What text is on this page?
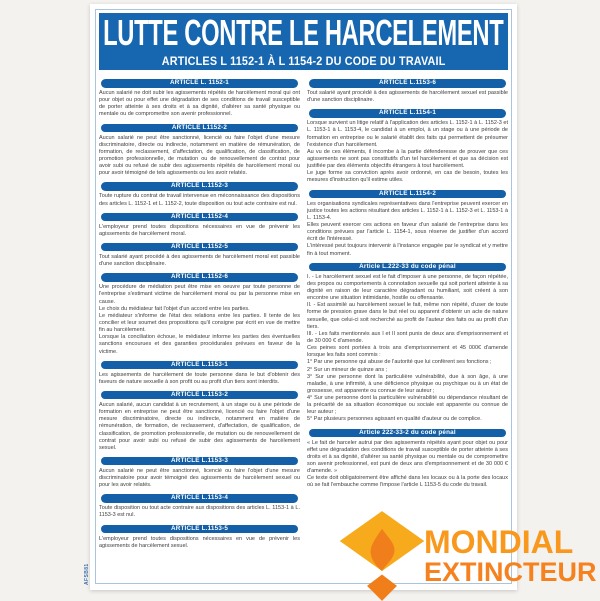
LUTTE CONTRE LE HARCELEMENT
ARTICLES L 1152-1 À L 1154-2 DU CODE DU TRAVAIL
ARTICLE L. 1152-1

Aucun salarié ne doit subir les agissements répétés de harcèlement moral qui ont pour objet ou pour effet une dégradation de ses conditions de travail susceptible de porter atteinte à ses droits et à sa dignité, d'altérer sa santé physique ou mentale ou de compromettre son avenir professionnel.

ARTICLE L1152-2

Aucun salarié ne peut être sanctionné, licencié ou faire l'objet d'une mesure discriminatoire, directe ou indirecte, notamment en matière de rémunération, de formation, de reclassement, d'affectation, de qualification, de classification, de promotion professionnelle, de mutation ou de renouvellement de contrat pour avoir subi ou refusé de subir des agissements répétés de harcèlement moral ou pour avoir témoigné de tels agissements ou les avoir relatés.

ARTICLE L.1152-3

Toute rupture du contrat de travail intervenue en méconnaissance des dispositions des articles L. 1152-1 et L. 1152-2, toute disposition ou tout acte contraire est nul.

ARTICLE L.1152-4

L'employeur prend toutes dispositions nécessaires en vue de prévenir les agissements de harcèlement moral.

ARTICLE L.1152-5

Tout salarié ayant procédé à des agissements de harcèlement moral est passible d'une sanction disciplinaire.

ARTICLE L.1152-6

Une procédure de médiation peut être mise en oeuvre par toute personne de l'entreprise s'estimant victime de harcèlement moral ou par la personne mise en cause.

Le choix du médiateur fait l'objet d'un accord entre les parties.

Le médiateur s'informe de l'état des relations entre les parties. Il tente de les concilier et leur soumet des propositions qu'il consigne par écrit en vue de mettre fin au harcèlement.

Lorsque la conciliation échoue, le médiateur informe les parties des éventuelles sanctions encourues et des garanties procédurales prévues en faveur de la victime.

ARTICLE L.1153-1

Les agissements de harcèlement de toute personne dans le but d'obtenir des faveurs de nature sexuelle à son profit ou au profit d'un tiers sont interdits.

ARTICLE L.1153-2

Aucun salarié, aucun candidat à un recrutement, à un stage ou à une période de formation en entreprise ne peut être sanctionné, licencié ou faire l'objet d'une mesure discriminatoire, directe ou indirecte, notamment en matière de rémunération, de formation, de reclassement, d'affectation, de qualification, de classification, de promotion professionnelle, de mutation ou de renouvellement de contrat pour avoir subi ou refusé de subir des agissements de harcèlement sexuel.

ARTICLE L.1153-3

Aucun salarié ne peut être sanctionné, licencié ou faire l'objet d'une mesure discriminatoire pour avoir témoigné des agissements de harcèlement sexuel ou pour les avoir relatés.

ARTICLE L.1153-4

Toute disposition ou tout acte contraire aux dispositions des articles L. 1153-1 à L. 1153-3 est nul.

ARTICLE L.1153-5

L'employeur prend toutes dispositions nécessaires en vue de prévenir les agissements de harcèlement sexuel.

ARTICLE L.1153-6

Tout salarié ayant procédé à des agissements de harcèlement sexuel est passible d'une sanction disciplinaire.

ARTICLE L.1154-1

Lorsque survient un litige relatif à l'application des articles L. 1152-1 à L. 1152-3 et L. 1153-1 à L. 1153-4, le candidat à un emploi, à un stage ou à une période de formation en entreprise ou le salarié établit des faits qui permettent de présumer l'existence d'un harcèlement.

Au vu de ces éléments, il incombe à la partie défenderesse de prouver que ces agissements ne sont pas constitutifs d'un tel harcèlement et que sa décision est justifiée par des éléments objectifs étrangers à tout harcèlement.

Le juge forme sa conviction après avoir ordonné, en cas de besoin, toutes les mesures d'instruction qu'il estime utiles.

ARTICLE L.1154-2

Les organisations syndicales représentatives dans l'entreprise peuvent exercer en justice toutes les actions résultant des articles L. 1152-1 à L. 1152-3 et L. 1153-1 à L. 1153-4.

Elles peuvent exercer ces actions en faveur d'un salarié de l'entreprise dans les conditions prévues par l'article L. 1154-1, sous réserve de justifier d'un accord écrit de l'intéressé.

L'intéressé peut toujours intervenir à l'instance engagée par le syndicat et y mettre fin à tout moment.

Article L.222-33 du code pénal

I. - Le harcèlement sexuel est le fait d'imposer à une personne, de façon répétée, des propos ou comportements à connotation sexuelle qui soit portent atteinte à sa dignité en raison de leur caractère dégradant ou humiliant, soit créent à son encontre une situation intimidante, hostile ou offensante.

II. - Est assimilé au harcèlement sexuel le fait, même non répété, d'user de toute forme de pression grave dans le but réel ou apparent d'obtenir un acte de nature sexuelle, que celui-ci soit recherché au profit de l'auteur des faits ou au profit d'un tiers.

III. - Les faits mentionnés aux I et II sont punis de deux ans d'emprisonnement et de 30 000 € d'amende.

Ces peines sont portées à trois ans d'emprisonnement et 45 000€ d'amende lorsque les faits sont commis :

1° Par une personne qui abuse de l'autorité que lui confèrent ses fonctions ;

2° Sur un mineur de quinze ans ;

3° Sur une personne dont la particulière vulnérabilité, due à son âge, à une maladie, à une infirmité, à une déficience physique ou psychique ou à un état de grossesse, est apparente ou connue de leur auteur ;

4° Sur une personne dont la particulière vulnérabilité ou dépendance résultant de la précarité de sa situation économique ou sociale est apparente ou connue de leur auteur ;

5° Par plusieurs personnes agissant en qualité d'auteur ou de complice.

Article 222-33-2 du code pénal

« Le fait de harceler autrui par des agissements répétés ayant pour objet ou pour effet une dégradation des conditions de travail susceptible de porter atteinte à ses droits et à sa dignité, d'altérer sa santé physique ou mentale ou de compromettre son avenir professionnel, est puni de deux ans d'emprisonnement et de 30 000 € d'amende. »

Ce texte doit obligatoirement être affiché dans les locaux ou à la porte des locaux où se fait l'embauche comme l'impose l'article L 1153-5 du code du travail.

AFSB81
MONDIAL
EXTINCTEUR
